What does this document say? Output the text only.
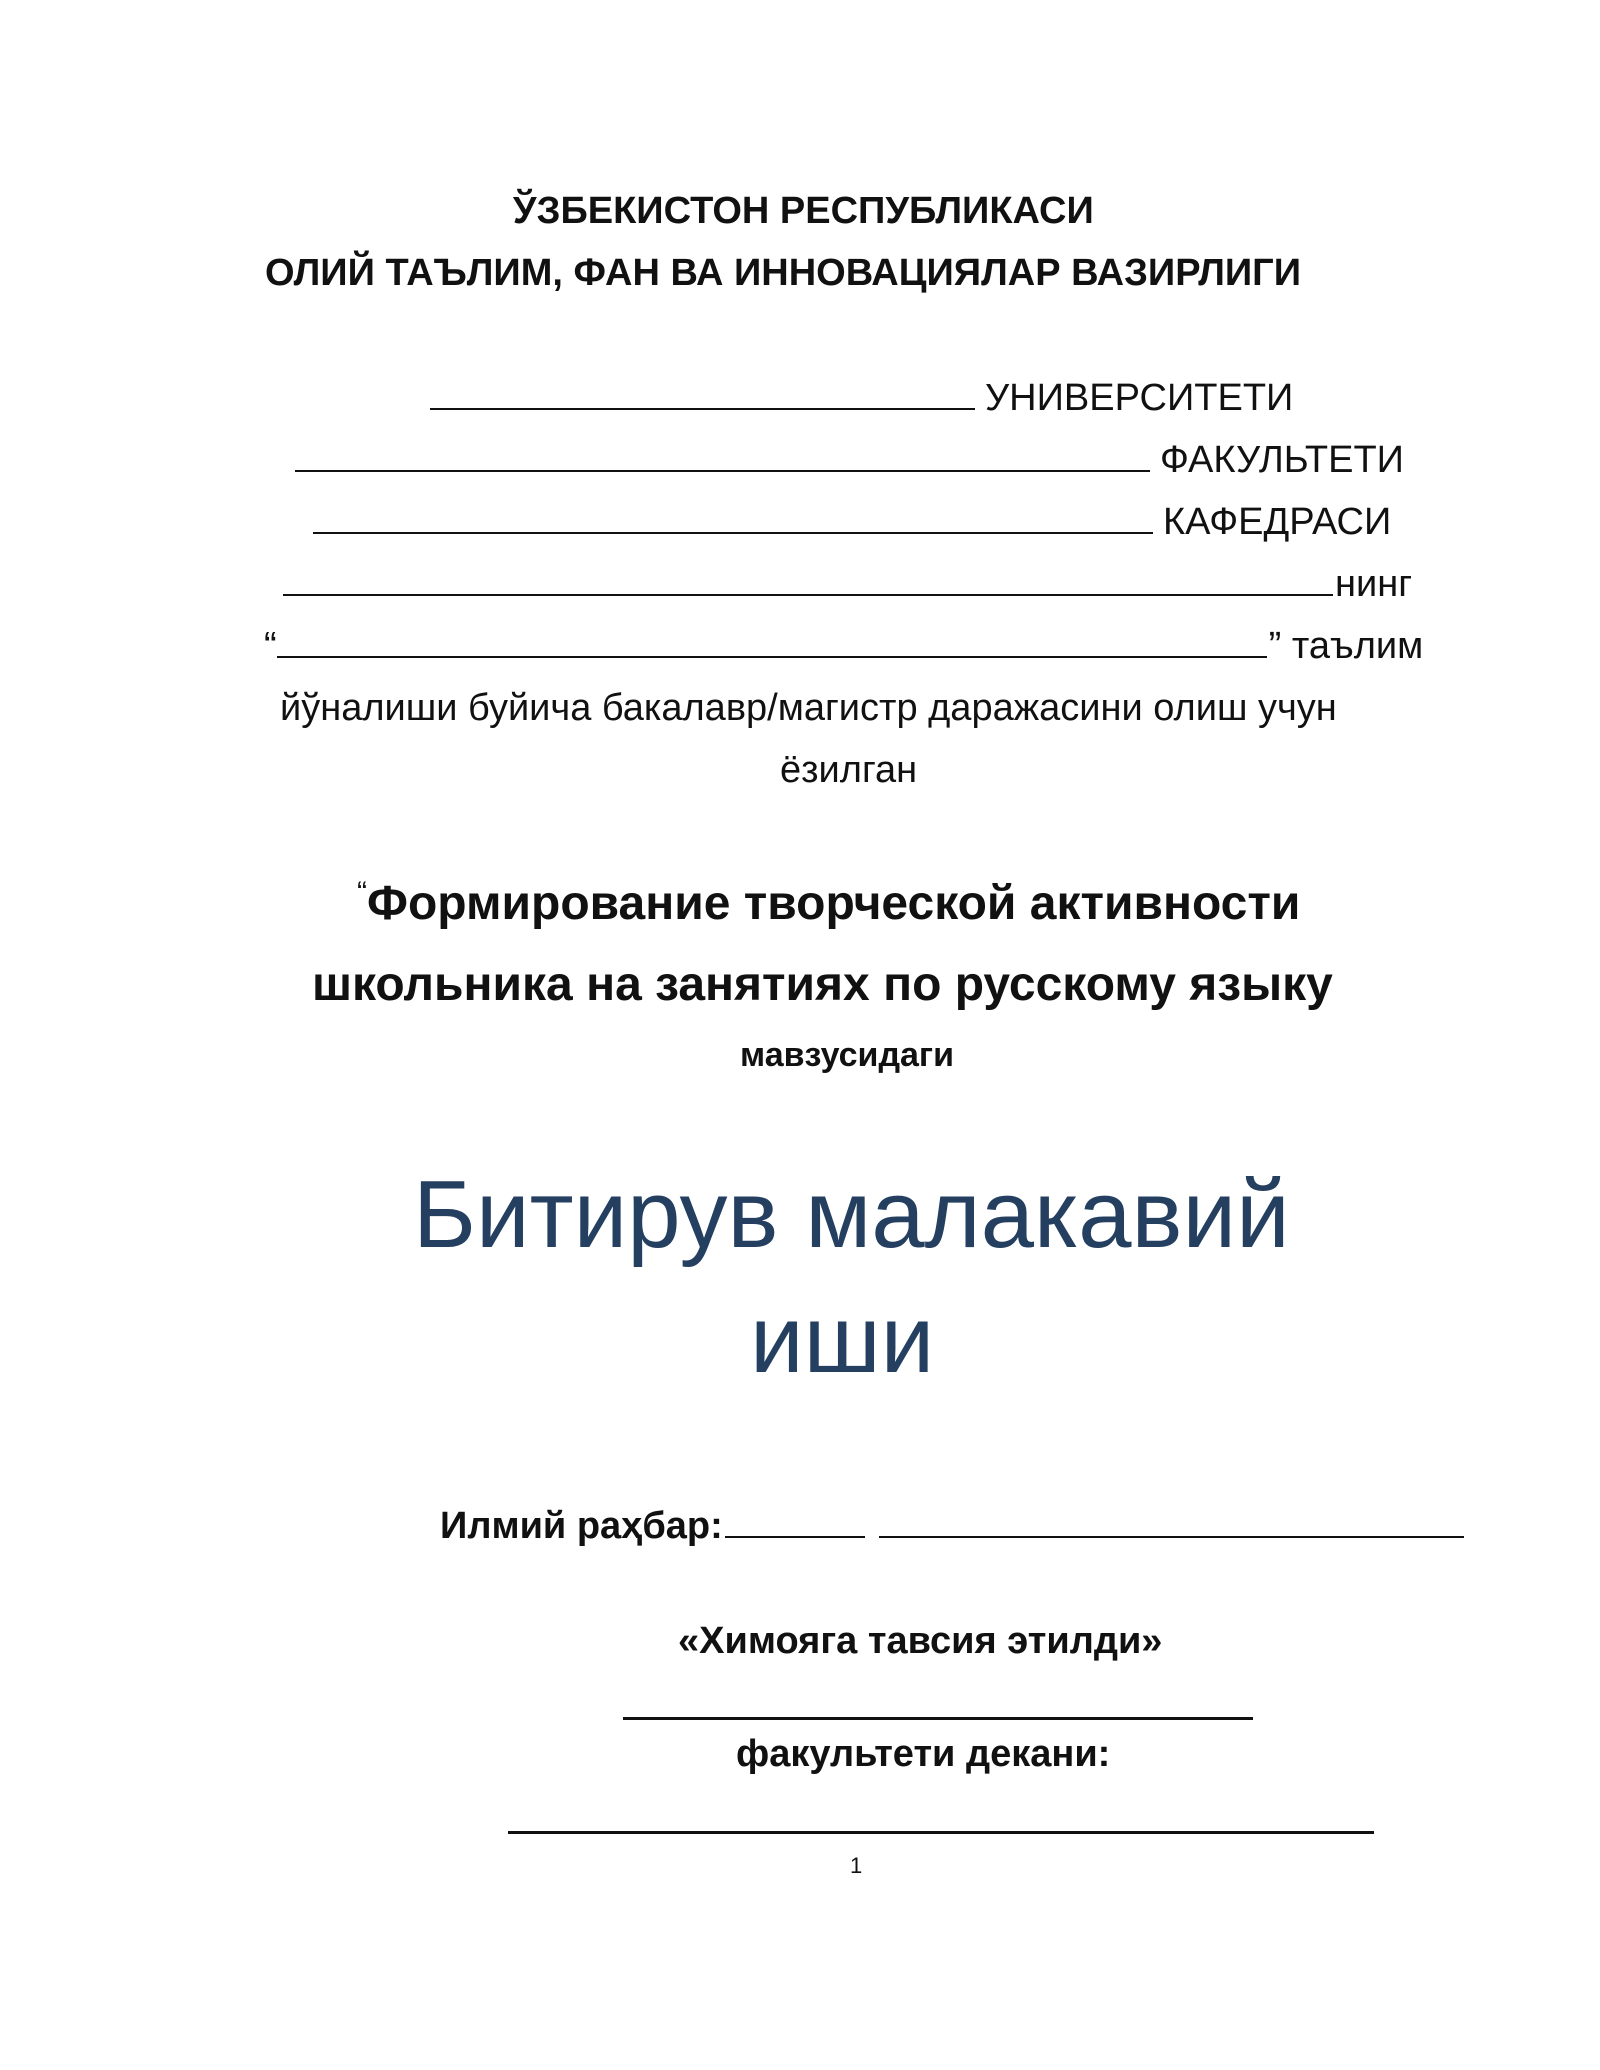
ЎЗБЕКИСТОН РЕСПУБЛИКАСИ
ОЛИЙ ТАЪЛИМ, ФАН ВА ИННОВАЦИЯЛАР ВАЗИРЛИГИ
УНИВЕРСИТЕТИ
ФАКУЛЬТЕТИ
КАФЕДРАСИ
нинг
“	” таълим
йўналиши буйича бакалавр/магистр даражасини олиш учун
ёзилган
“Формирование творческой активности
школьника на занятиях по русскому языку
мавзусидаги
Битирув малакавий
иши
Илмий раҳбар:
«Химояга тавсия этилди»
факультети декани:
1
